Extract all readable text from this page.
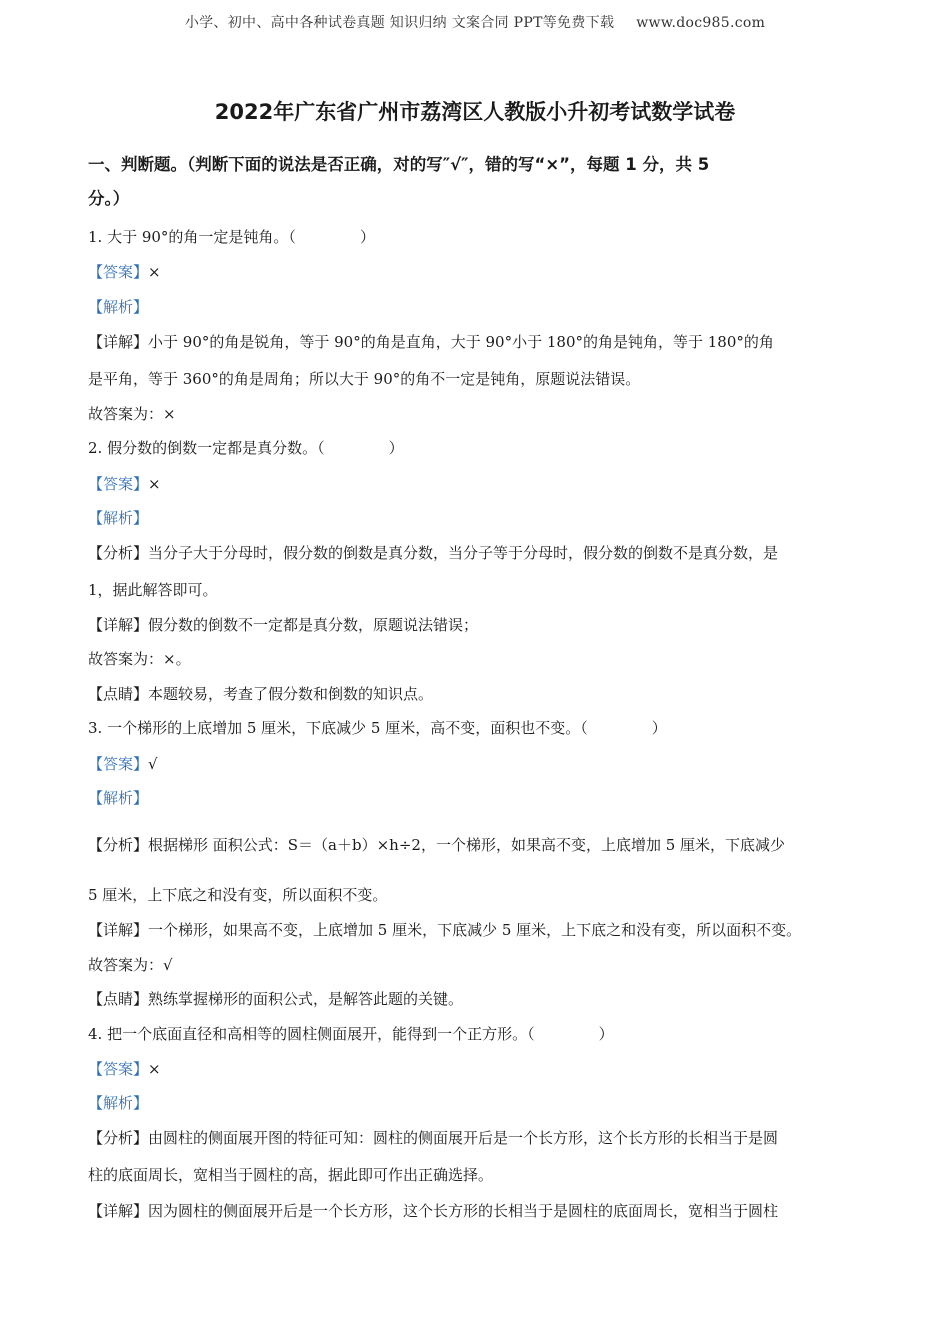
小学、初中、高中各种试卷真题 知识归纳 文案合同 PPT等免费下载 www.doc985.com
2022年广东省广州市荔湾区人教版小升初考试数学试卷
一、判断题。（判断下面的说法是否正确，对的写″√″，错的写“×”，每题 1 分，共 5
分。）
1. 大于 90°的角一定是钝角。（	）
【答案】×
【解析】
【详解】小于 90°的角是锐角，等于 90°的角是直角，大于 90°小于 180°的角是钝角，等于 180°的角
是平角，等于 360°的角是周角；所以大于 90°的角不一定是钝角，原题说法错误。
故答案为：×
2. 假分数的倒数一定都是真分数。（	）
【答案】×
【解析】
【分析】当分子大于分母时，假分数的倒数是真分数，当分子等于分母时，假分数的倒数不是真分数，是
1，据此解答即可。
【详解】假分数的倒数不一定都是真分数，原题说法错误；
故答案为：×。
【点睛】本题较易，考查了假分数和倒数的知识点。
3. 一个梯形的上底增加 5 厘米，下底减少 5 厘米，高不变，面积也不变。（	）
【答案】√
【解析】
【分析】根据梯形 面积公式：S＝（a＋b）×h÷2，一个梯形，如果高不变，上底增加 5 厘米，下底减少
5 厘米，上下底之和没有变，所以面积不变。
【详解】一个梯形，如果高不变，上底增加 5 厘米，下底减少 5 厘米，上下底之和没有变，所以面积不变。
故答案为：√
【点睛】熟练掌握梯形的面积公式，是解答此题的关键。
4. 把一个底面直径和高相等的圆柱侧面展开，能得到一个正方形。（	）
【答案】×
【解析】
【分析】由圆柱的侧面展开图的特征可知：圆柱的侧面展开后是一个长方形，这个长方形的长相当于是圆
柱的底面周长，宽相当于圆柱的高，据此即可作出正确选择。
【详解】因为圆柱的侧面展开后是一个长方形，这个长方形的长相当于是圆柱的底面周长，宽相当于圆柱
